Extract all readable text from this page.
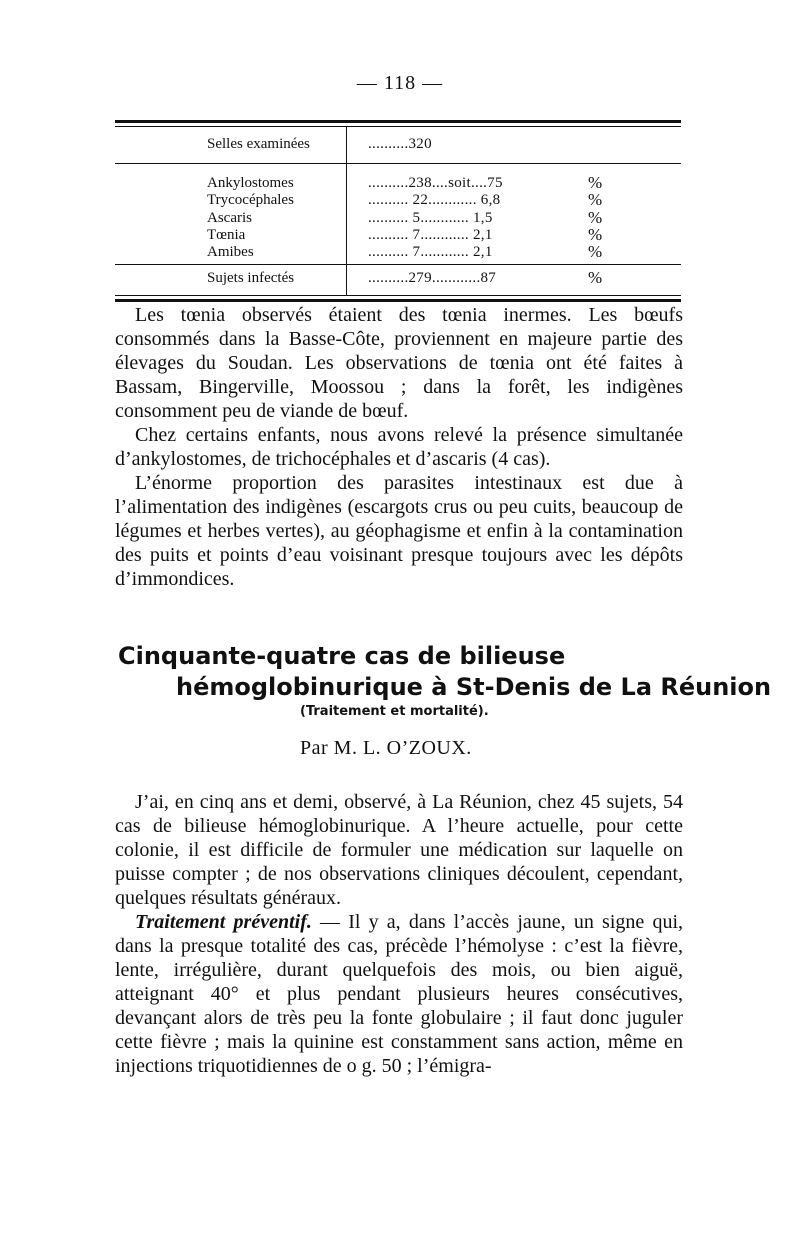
— 118 —
Selles examinées	..........320
Ankylostomes	..........238....soit....75	%
Trycocéphales	.......... 22............ 6,8	%
Ascaris	.......... 5............ 1,5	%
Tœnia	.......... 7............ 2,1	%
Amibes	.......... 7............ 2,1	%
Sujets infectés	..........279............87	%

Les tœnia observés étaient des tœnia inermes. Les bœufs consommés dans la Basse-Côte, proviennent en majeure partie des élevages du Soudan. Les observations de tœnia ont été faites à Bassam, Bingerville, Moossou ; dans la forêt, les indigènes consomment peu de viande de bœuf.

Chez certains enfants, nous avons relevé la présence simultanée d’ankylostomes, de trichocéphales et d’ascaris (4 cas).

L’énorme proportion des parasites intestinaux est due à l’alimentation des indigènes (escargots crus ou peu cuits, beaucoup de légumes et herbes vertes), au géophagisme et enfin à la contamination des puits et points d’eau voisinant presque toujours avec les dépôts d’immondices.

Cinquante-quatre cas de bilieuse
hémoglobinurique à St-Denis de La Réunion
(Traitement et mortalité).
Par M. L. O’ZOUX.

J’ai, en cinq ans et demi, observé, à La Réunion, chez 45 sujets, 54 cas de bilieuse hémoglobinurique. A l’heure actuelle, pour cette colonie, il est difficile de formuler une médication sur laquelle on puisse compter ; de nos observations cliniques découlent, cependant, quelques résultats généraux.

Traitement préventif. — Il y a, dans l’accès jaune, un signe qui, dans la presque totalité des cas, précède l’hémolyse : c’est la fièvre, lente, irrégulière, durant quelquefois des mois, ou bien aiguë, atteignant 40° et plus pendant plusieurs heures consécutives, devançant alors de très peu la fonte globulaire ; il faut donc juguler cette fièvre ; mais la quinine est constamment sans action, même en injections triquotidiennes de o g. 50 ; l’émigra-
